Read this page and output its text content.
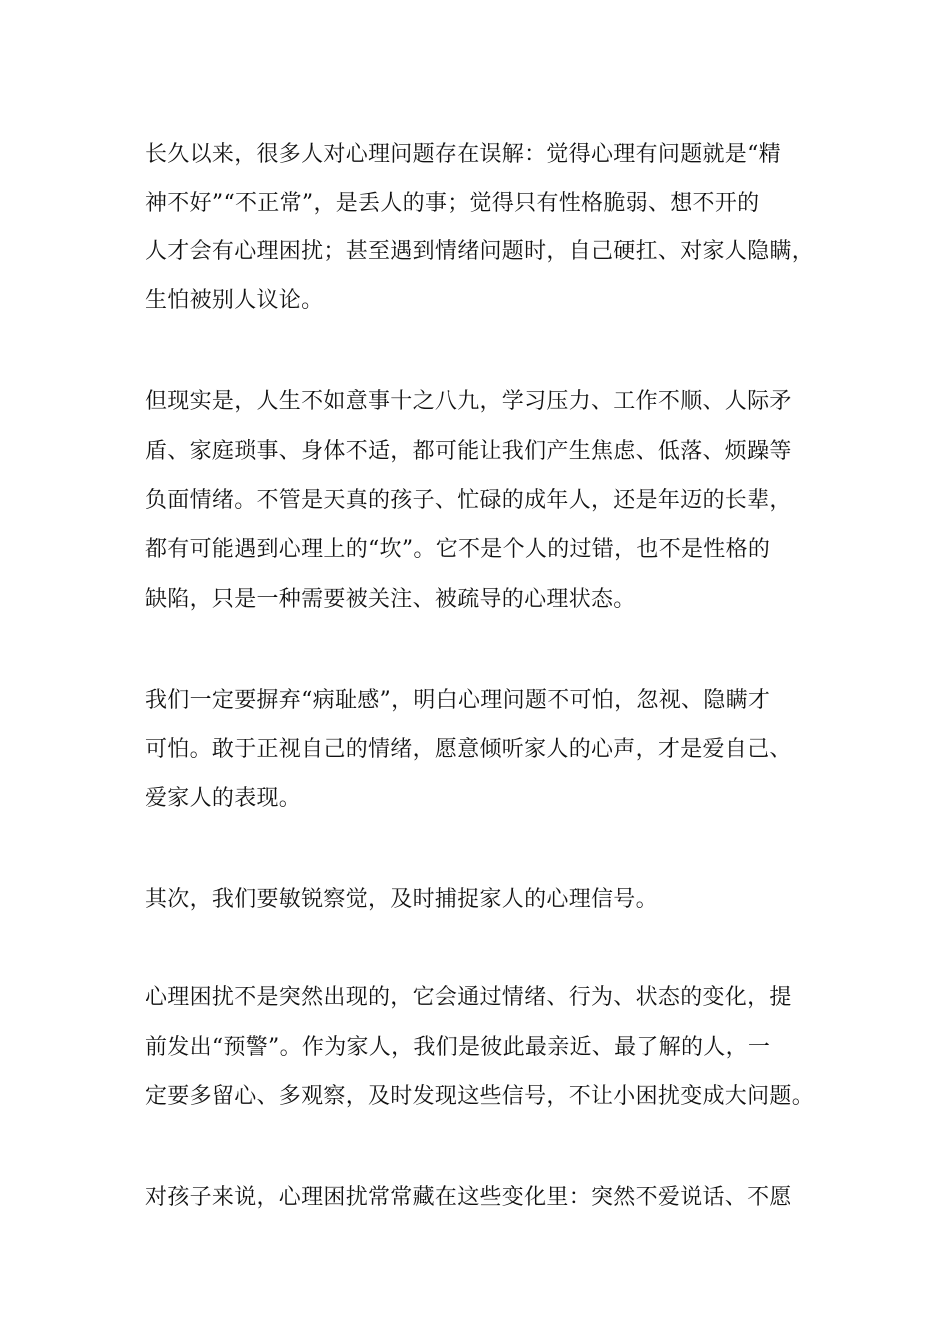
长久以来，很多人对心理问题存在误解：觉得心理有问题就是“精
神不好”“不正常”，是丢人的事；觉得只有性格脆弱、想不开的
人才会有心理困扰；甚至遇到情绪问题时，自己硬扛、对家人隐瞒，
生怕被别人议论。
但现实是，人生不如意事十之八九，学习压力、工作不顺、人际矛
盾、家庭琐事、身体不适，都可能让我们产生焦虑、低落、烦躁等
负面情绪。不管是天真的孩子、忙碌的成年人，还是年迈的长辈，
都有可能遇到心理上的“坎”。它不是个人的过错，也不是性格的
缺陷，只是一种需要被关注、被疏导的心理状态。
我们一定要摒弃“病耻感”，明白心理问题不可怕，忽视、隐瞒才
可怕。敢于正视自己的情绪，愿意倾听家人的心声，才是爱自己、
爱家人的表现。
其次，我们要敏锐察觉，及时捕捉家人的心理信号。
心理困扰不是突然出现的，它会通过情绪、行为、状态的变化，提
前发出“预警”。作为家人，我们是彼此最亲近、最了解的人，一
定要多留心、多观察，及时发现这些信号，不让小困扰变成大问题。
对孩子来说，心理困扰常常藏在这些变化里：突然不爱说话、不愿
